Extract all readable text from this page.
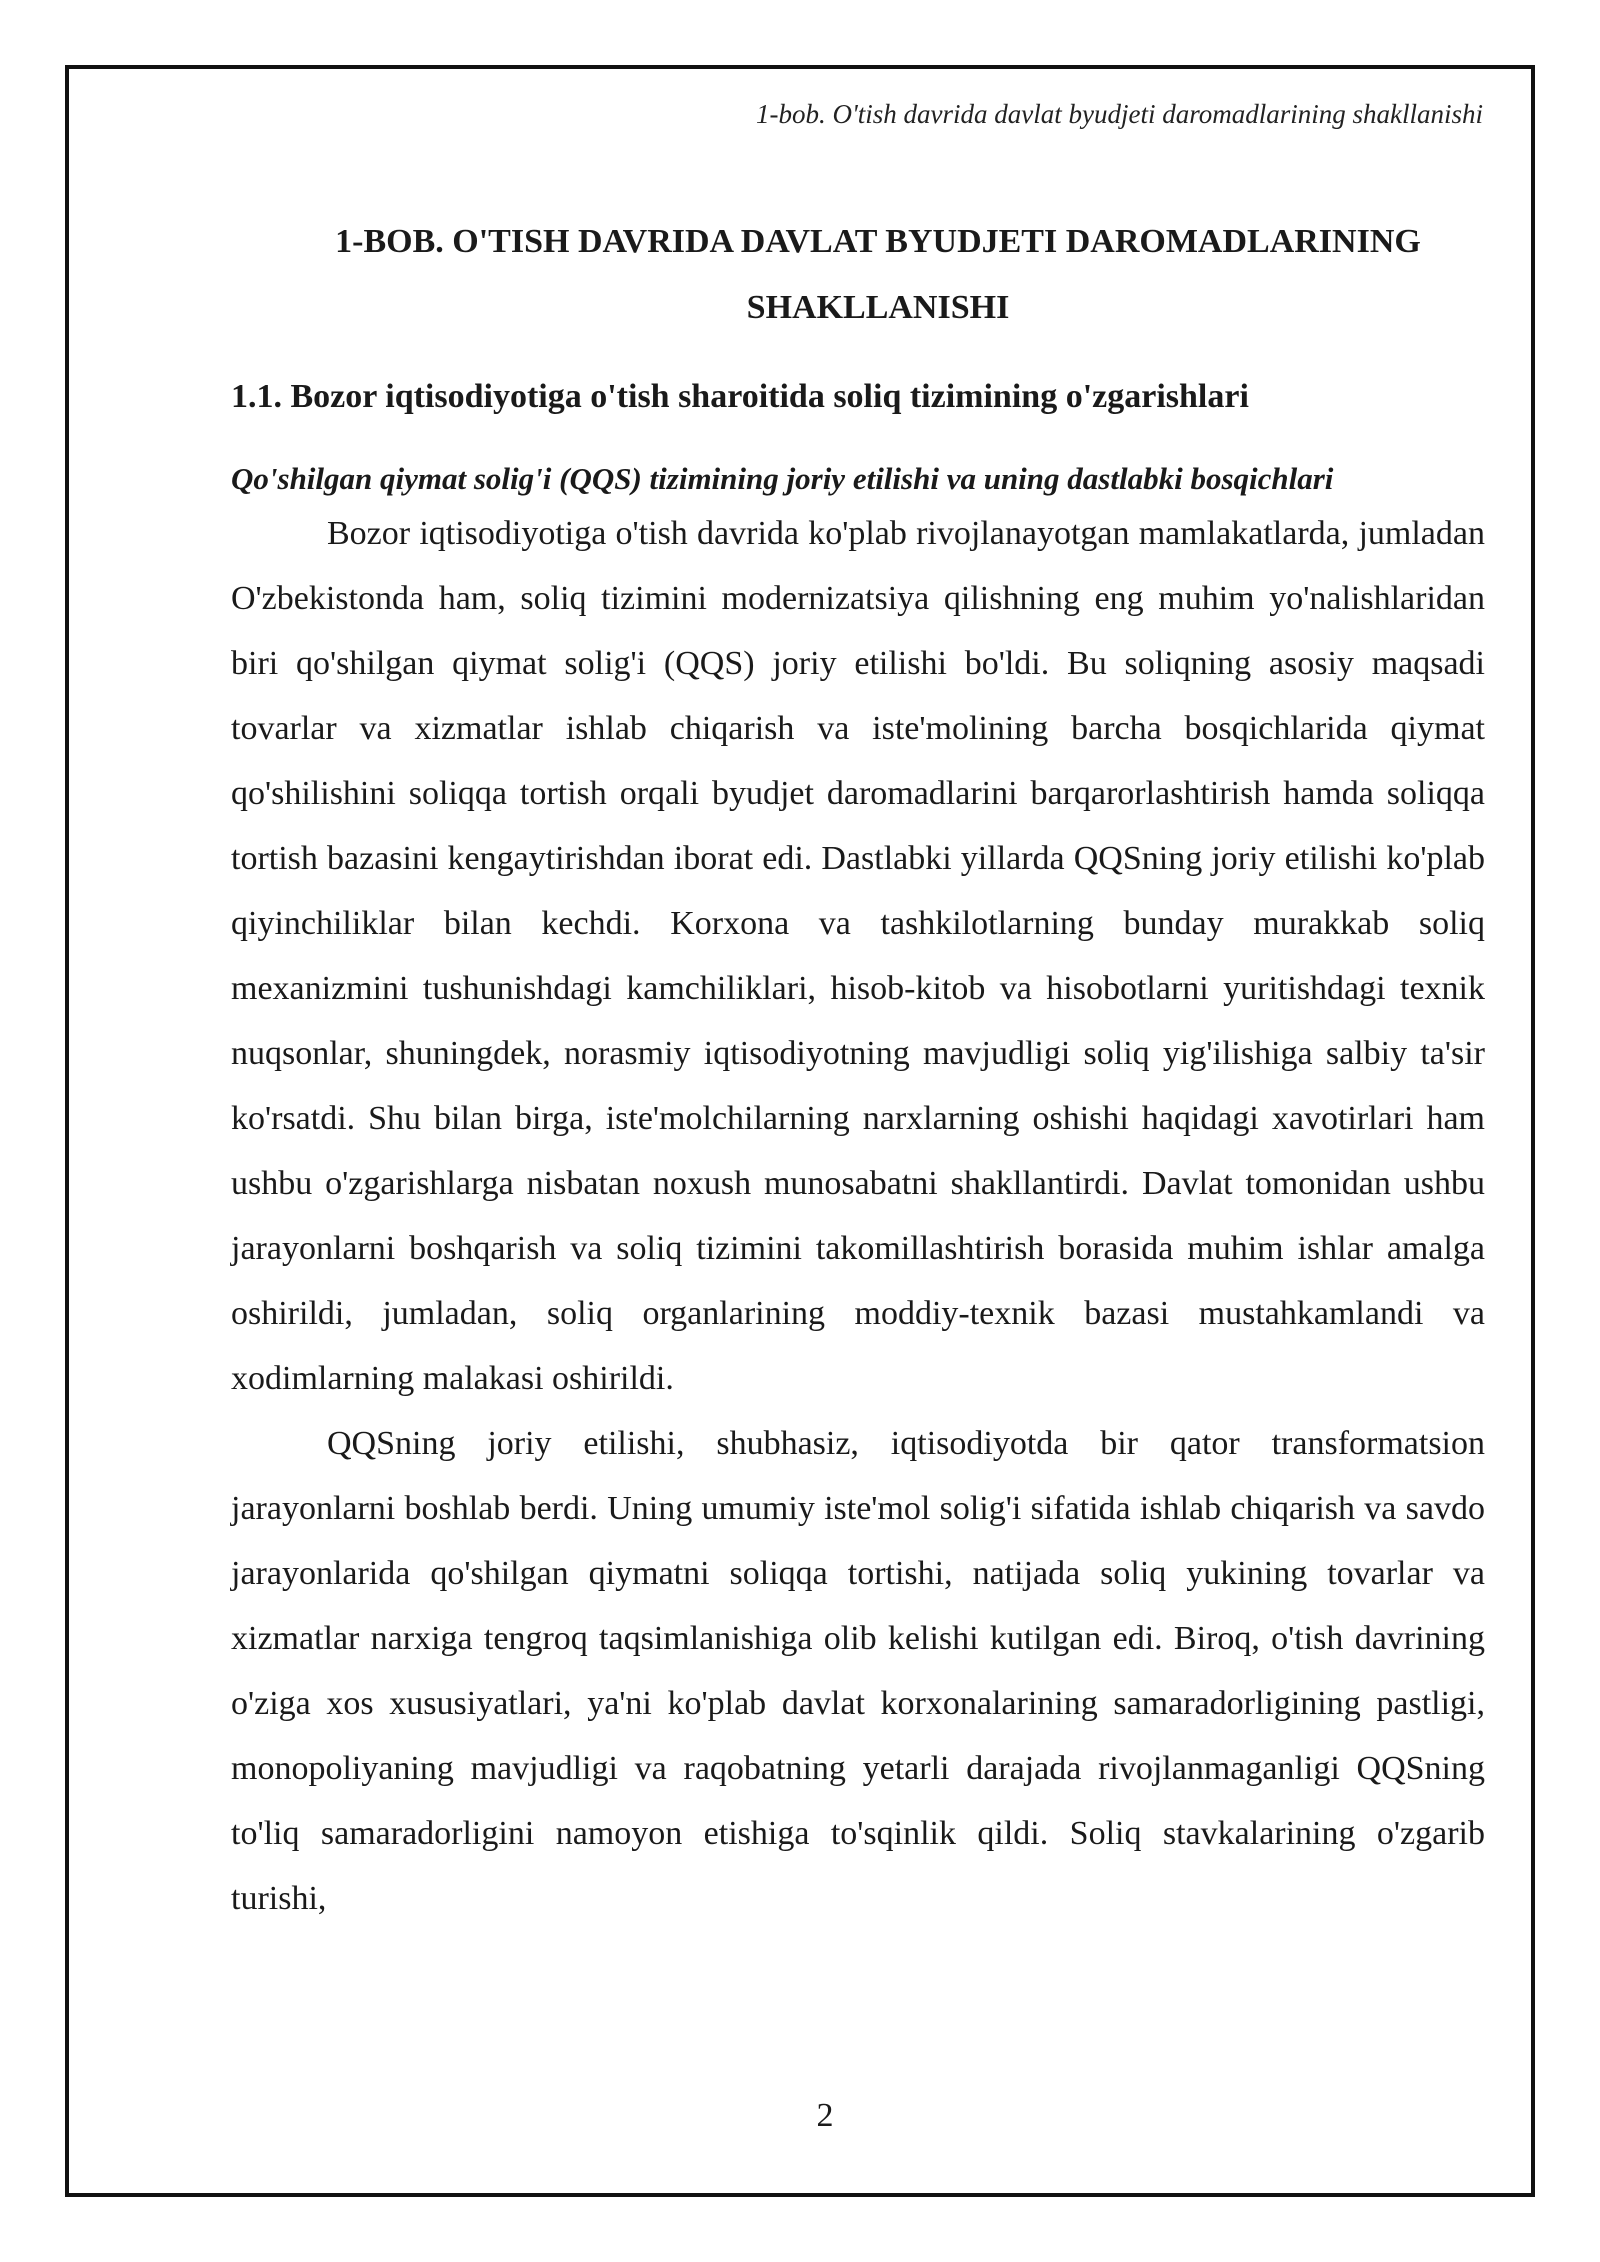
1-bob. O'tish davrida davlat byudjeti daromadlarining shakllanishi
1-BOB. O'TISH DAVRIDA DAVLAT BYUDJETI DAROMADLARINING SHAKLLANISHI
1.1. Bozor iqtisodiyotiga o'tish sharoitida soliq tizimining o'zgarishlari
Qo'shilgan qiymat solig'i (QQS) tizimining joriy etilishi va uning dastlabki bosqichlari

Bozor iqtisodiyotiga o'tish davrida ko'plab rivojlanayotgan mamlakatlarda, jumladan O'zbekistonda ham, soliq tizimini modernizatsiya qilishning eng muhim yo'nalishlaridan biri qo'shilgan qiymat solig'i (QQS) joriy etilishi bo'ldi. Bu soliqning asosiy maqsadi tovarlar va xizmatlar ishlab chiqarish va iste'molining barcha bosqichlarida qiymat qo'shilishini soliqqa tortish orqali byudjet daromadlarini barqarorlashtirish hamda soliqqa tortish bazasini kengaytirishdan iborat edi. Dastlabki yillarda QQSning joriy etilishi ko'plab qiyinchiliklar bilan kechdi. Korxona va tashkilotlarning bunday murakkab soliq mexanizmini tushunishdagi kamchiliklari, hisob-kitob va hisobotlarni yuritishdagi texnik nuqsonlar, shuningdek, norasmiy iqtisodiyotning mavjudligi soliq yig'ilishiga salbiy ta'sir ko'rsatdi. Shu bilan birga, iste'molchilarning narxlarning oshishi haqidagi xavotirlari ham ushbu o'zgarishlarga nisbatan noxush munosabatni shakllantirdi. Davlat tomonidan ushbu jarayonlarni boshqarish va soliq tizimini takomillashtirish borasida muhim ishlar amalga oshirildi, jumladan, soliq organlarining moddiy-texnik bazasi mustahkamlandi va xodimlarning malakasi oshirildi.

QQSning joriy etilishi, shubhasiz, iqtisodiyotda bir qator transformatsion jarayonlarni boshlab berdi. Uning umumiy iste'mol solig'i sifatida ishlab chiqarish va savdo jarayonlarida qo'shilgan qiymatni soliqqa tortishi, natijada soliq yukining tovarlar va xizmatlar narxiga tengroq taqsimlanishiga olib kelishi kutilgan edi. Biroq, o'tish davrining o'ziga xos xususiyatlari, ya'ni ko'plab davlat korxonalarining samaradorligining pastligi, monopoliyaning mavjudligi va raqobatning yetarli darajada rivojlanmaganligi QQSning to'liq samaradorligini namoyon etishiga to'sqinlik qildi. Soliq stavkalarining o'zgarib turishi,

2
